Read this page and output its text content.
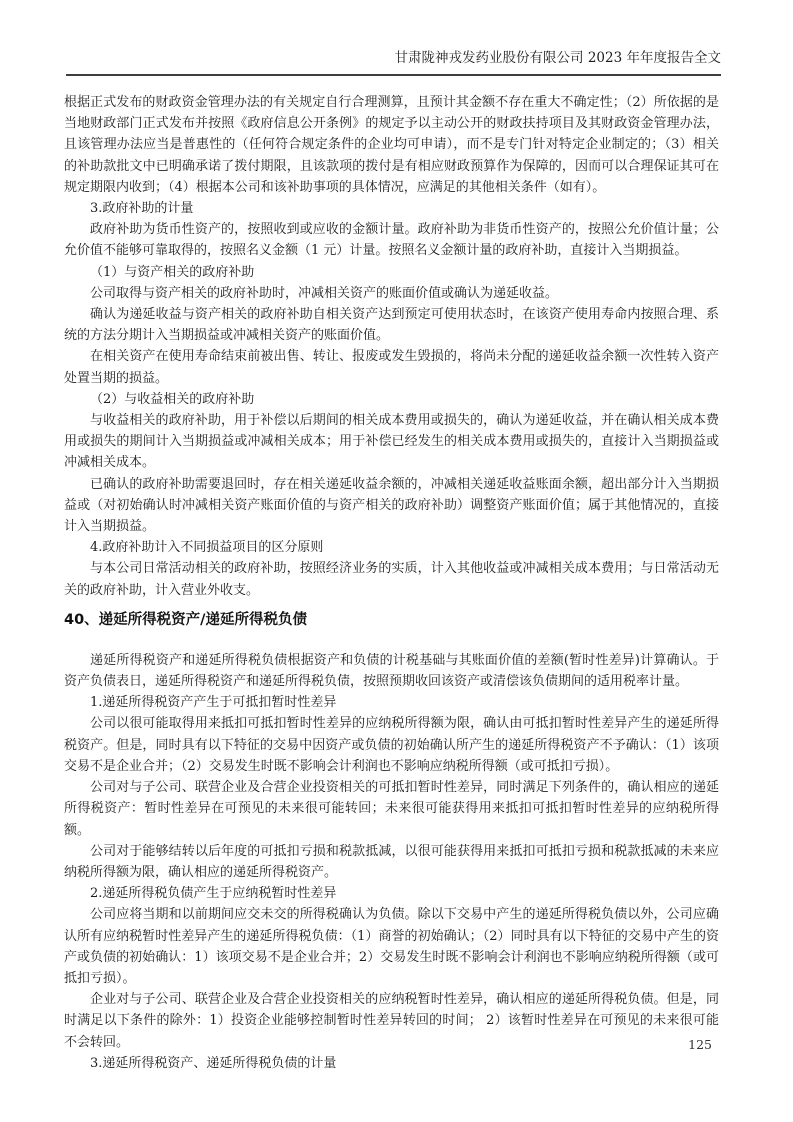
甘肃陇神戎发药业股份有限公司 2023 年年度报告全文

根据正式发布的财政资金管理办法的有关规定自行合理测算，且预计其金额不存在重大不确定性；（2）所依据的是当地财政部门正式发布并按照《政府信息公开条例》的规定予以主动公开的财政扶持项目及其财政资金管理办法，且该管理办法应当是普惠性的（任何符合规定条件的企业均可申请），而不是专门针对特定企业制定的；（3）相关的补助款批文中已明确承诺了拨付期限，且该款项的拨付是有相应财政预算作为保障的，因而可以合理保证其可在规定期限内收到；（4）根据本公司和该补助事项的具体情况，应满足的其他相关条件（如有）。

3.政府补助的计量

政府补助为货币性资产的，按照收到或应收的金额计量。政府补助为非货币性资产的，按照公允价值计量；公允价值不能够可靠取得的，按照名义金额（1 元）计量。按照名义金额计量的政府补助，直接计入当期损益。

（1）与资产相关的政府补助

公司取得与资产相关的政府补助时，冲减相关资产的账面价值或确认为递延收益。

确认为递延收益与资产相关的政府补助自相关资产达到预定可使用状态时，在该资产使用寿命内按照合理、系统的方法分期计入当期损益或冲减相关资产的账面价值。

在相关资产在使用寿命结束前被出售、转让、报废或发生毁损的，将尚未分配的递延收益余额一次性转入资产处置当期的损益。

（2）与收益相关的政府补助

与收益相关的政府补助，用于补偿以后期间的相关成本费用或损失的，确认为递延收益，并在确认相关成本费用或损失的期间计入当期损益或冲减相关成本；用于补偿已经发生的相关成本费用或损失的，直接计入当期损益或冲减相关成本。

已确认的政府补助需要退回时，存在相关递延收益余额的，冲减相关递延收益账面余额，超出部分计入当期损益或（对初始确认时冲减相关资产账面价值的与资产相关的政府补助）调整资产账面价值；属于其他情况的，直接计入当期损益。

4.政府补助计入不同损益项目的区分原则

与本公司日常活动相关的政府补助，按照经济业务的实质，计入其他收益或冲减相关成本费用；与日常活动无关的政府补助，计入营业外收支。

40、递延所得税资产/递延所得税负债

递延所得税资产和递延所得税负债根据资产和负债的计税基础与其账面价值的差额(暂时性差异)计算确认。于资产负债表日，递延所得税资产和递延所得税负债，按照预期收回该资产或清偿该负债期间的适用税率计量。

1.递延所得税资产产生于可抵扣暂时性差异

公司以很可能取得用来抵扣可抵扣暂时性差异的应纳税所得额为限，确认由可抵扣暂时性差异产生的递延所得税资产。但是，同时具有以下特征的交易中因资产或负债的初始确认所产生的递延所得税资产不予确认：（1）该项交易不是企业合并；（2）交易发生时既不影响会计利润也不影响应纳税所得额（或可抵扣亏损）。

公司对与子公司、联营企业及合营企业投资相关的可抵扣暂时性差异，同时满足下列条件的，确认相应的递延所得税资产：暂时性差异在可预见的未来很可能转回；未来很可能获得用来抵扣可抵扣暂时性差异的应纳税所得额。

公司对于能够结转以后年度的可抵扣亏损和税款抵减，以很可能获得用来抵扣可抵扣亏损和税款抵减的未来应纳税所得额为限，确认相应的递延所得税资产。

2.递延所得税负债产生于应纳税暂时性差异

公司应将当期和以前期间应交未交的所得税确认为负债。除以下交易中产生的递延所得税负债以外，公司应确认所有应纳税暂时性差异产生的递延所得税负债：（1）商誉的初始确认；（2）同时具有以下特征的交易中产生的资产或负债的初始确认：1）该项交易不是企业合并；2）交易发生时既不影响会计利润也不影响应纳税所得额（或可抵扣亏损）。

企业对与子公司、联营企业及合营企业投资相关的应纳税暂时性差异，确认相应的递延所得税负债。但是，同时满足以下条件的除外：1）投资企业能够控制暂时性差异转回的时间； 2）该暂时性差异在可预见的未来很可能不会转回。

3.递延所得税资产、递延所得税负债的计量

125
